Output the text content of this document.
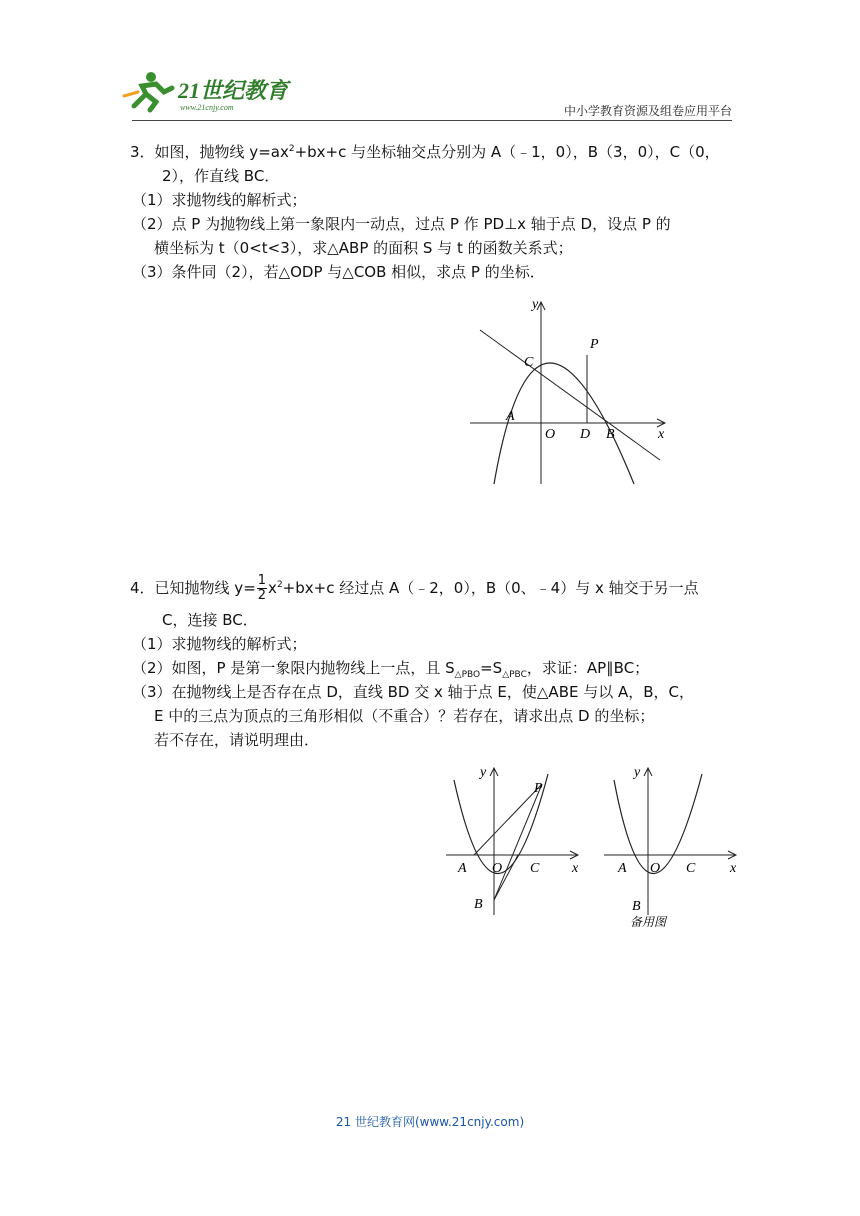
21世纪教育
www.21cnjy.com	中小学教育资源及组卷应用平台
3．如图，抛物线 $y=ax^2+bx+c$ 与坐标轴交点分别为 A（﹣1，0），B（3，0），C（0，
2），作直线 BC．
（1）求抛物线的解析式；
（2）点 P 为抛物线上第一象限内一动点，过点 P 作 PD⊥x 轴于点 D，设点 P 的
横坐标为 t（0<t<3），求△ABP 的面积 S 与 t 的函数关系式；
（3）条件同（2），若△ODP 与△COB 相似，求点 P 的坐标．
y
x
C
P
A
O D B
4．已知抛物线 $y= \frac{1}{2} x^2+bx+c$ 经过点 A（﹣2，0），B（0、﹣4）与 x 轴交于另一点
C，连接 BC．
（1）求抛物线的解析式；
（2）如图，P 是第一象限内抛物线上一点，且 $S_{\triangle PBO}=S_{\triangle PBC}$，求证：AP∥BC；
（3）在抛物线上是否存在点 D，直线 BD 交 x 轴于点 E，使△ABE 与以 A，B，C，
E 中的三点为顶点的三角形相似（不重合）？若存在，请求出点 D 的坐标；
若不存在，请说明理由．
y
x
P
A O C
B
y
x
A O C
B
备用图
21 世纪教育网(www.21cnjy.com)
